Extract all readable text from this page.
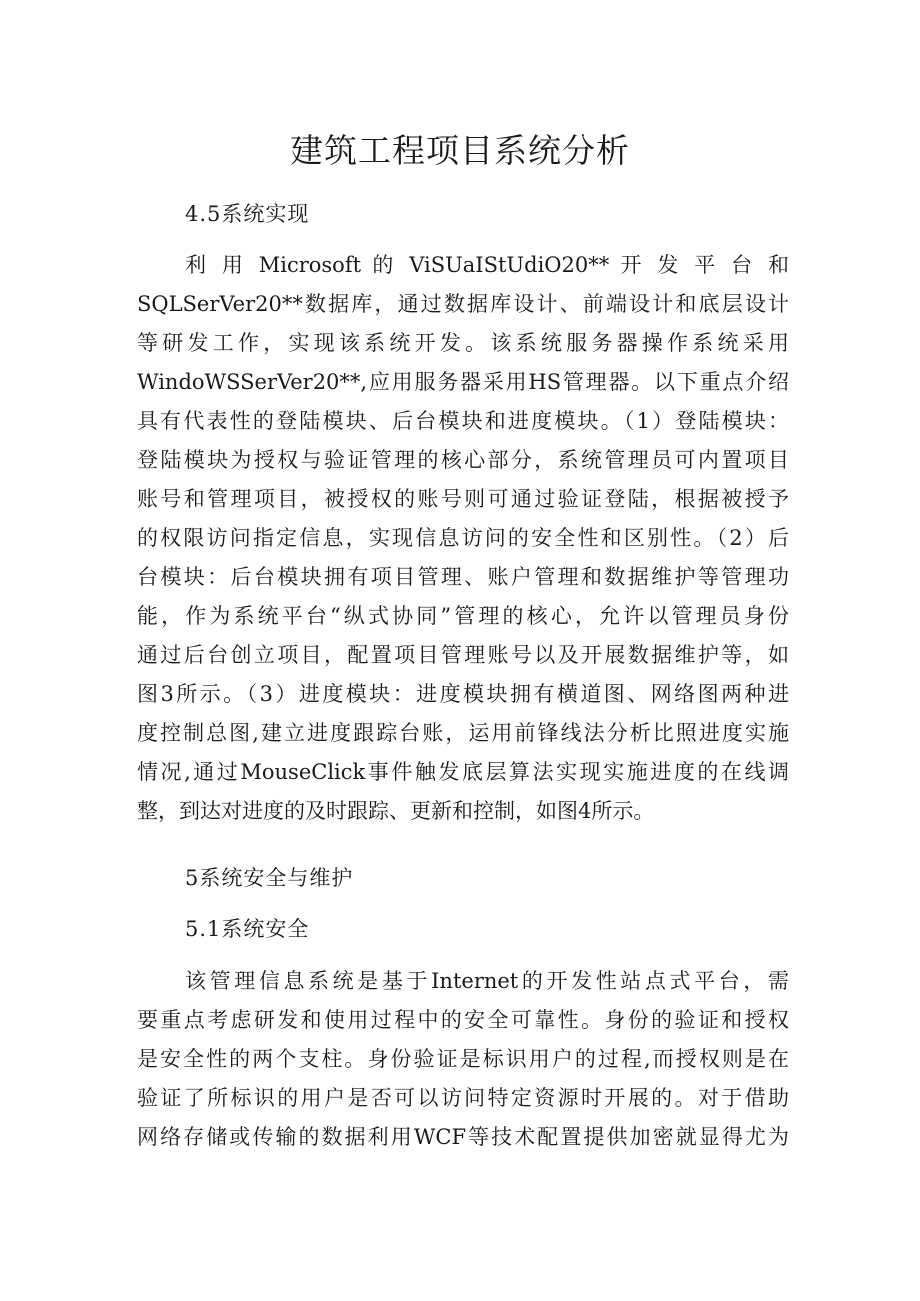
建筑工程项目系统分析
4.5系统实现
利 用 Microsoft 的 ViSUaIStUdiO20** 开 发 平 台 和
SQLSerVer20**数据库，通过数据库设计、前端设计和底层设计
等研发工作，实现该系统开发。该系统服务器操作系统采用
WindoWSSerVer20**,应用服务器采用HS管理器。以下重点介绍
具有代表性的登陆模块、后台模块和进度模块。（1）登陆模块：
登陆模块为授权与验证管理的核心部分，系统管理员可内置项目
账号和管理项目，被授权的账号则可通过验证登陆，根据被授予
的权限访问指定信息，实现信息访问的安全性和区别性。（2）后
台模块：后台模块拥有项目管理、账户管理和数据维护等管理功
能，作为系统平台“纵式协同”管理的核心，允许以管理员身份
通过后台创立项目，配置项目管理账号以及开展数据维护等，如
图3所示。（3）进度模块：进度模块拥有横道图、网络图两种进
度控制总图,建立进度跟踪台账，运用前锋线法分析比照进度实施
情况,通过MouseClick事件触发底层算法实现实施进度的在线调
整，到达对进度的及时跟踪、更新和控制，如图4所示。
5系统安全与维护
5.1系统安全
该管理信息系统是基于Internet的开发性站点式平台，需
要重点考虑研发和使用过程中的安全可靠性。身份的验证和授权
是安全性的两个支柱。身份验证是标识用户的过程,而授权则是在
验证了所标识的用户是否可以访问特定资源时开展的。对于借助
网络存储或传输的数据利用WCF等技术配置提供加密就显得尤为
